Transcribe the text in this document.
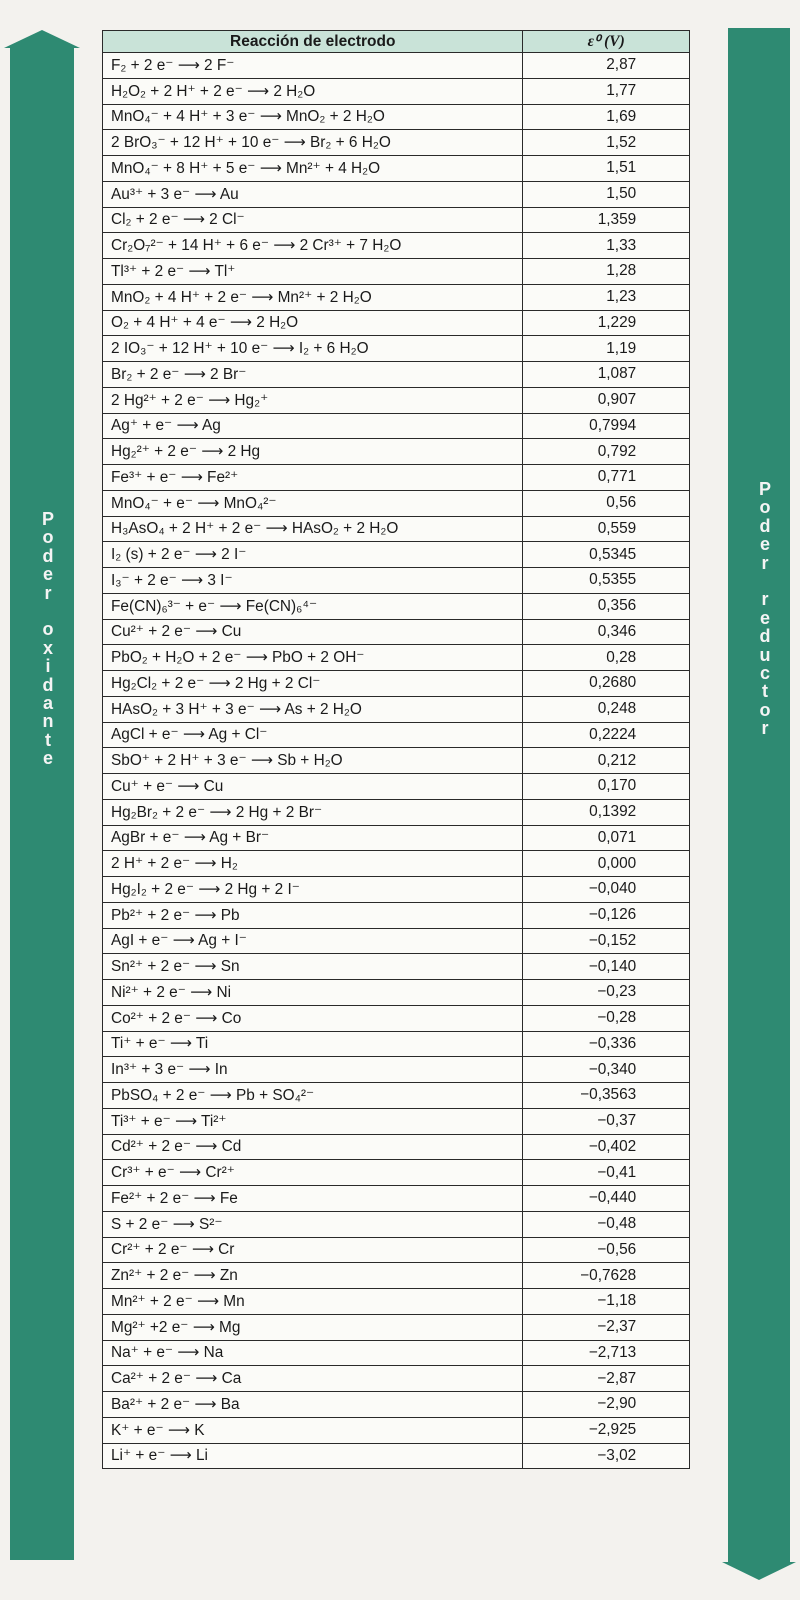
P
o
d
e
r

o
x
i
d
a
n
t
e
P
o
d
e
r

r
e
d
u
c
t
o
r
Reacción de electrodo	ε⁰ (V)
F₂ + 2 e⁻ ⟶ 2 F⁻	2,87
H₂O₂ + 2 H⁺ + 2 e⁻ ⟶ 2 H₂O	1,77
MnO₄⁻ + 4 H⁺ + 3 e⁻ ⟶ MnO₂ + 2 H₂O	1,69
2 BrO₃⁻ + 12 H⁺ + 10 e⁻ ⟶ Br₂ + 6 H₂O	1,52
MnO₄⁻ + 8 H⁺ + 5 e⁻ ⟶ Mn²⁺ + 4 H₂O	1,51
Au³⁺ + 3 e⁻ ⟶ Au	1,50
Cl₂ + 2 e⁻ ⟶ 2 Cl⁻	1,359
Cr₂O₇²⁻ + 14 H⁺ + 6 e⁻ ⟶ 2 Cr³⁺ + 7 H₂O	1,33
Tl³⁺ + 2 e⁻ ⟶ Tl⁺	1,28
MnO₂ + 4 H⁺ + 2 e⁻ ⟶ Mn²⁺ + 2 H₂O	1,23
O₂ + 4 H⁺ + 4 e⁻ ⟶ 2 H₂O	1,229
2 IO₃⁻ + 12 H⁺ + 10 e⁻ ⟶ I₂ + 6 H₂O	1,19
Br₂ + 2 e⁻ ⟶ 2 Br⁻	1,087
2 Hg²⁺ + 2 e⁻ ⟶ Hg₂⁺	0,907
Ag⁺ + e⁻ ⟶ Ag	0,7994
Hg₂²⁺ + 2 e⁻ ⟶ 2 Hg	0,792
Fe³⁺ + e⁻ ⟶ Fe²⁺	0,771
MnO₄⁻ + e⁻ ⟶ MnO₄²⁻	0,56
H₃AsO₄ + 2 H⁺ + 2 e⁻ ⟶ HAsO₂ + 2 H₂O	0,559
I₂ (s) + 2 e⁻ ⟶ 2 I⁻	0,5345
I₃⁻ + 2 e⁻ ⟶ 3 I⁻	0,5355
Fe(CN)₆³⁻ + e⁻ ⟶ Fe(CN)₆⁴⁻	0,356
Cu²⁺ + 2 e⁻ ⟶ Cu	0,346
PbO₂ + H₂O + 2 e⁻ ⟶ PbO + 2 OH⁻	0,28
Hg₂Cl₂ + 2 e⁻ ⟶ 2 Hg + 2 Cl⁻	0,2680
HAsO₂ + 3 H⁺ + 3 e⁻ ⟶ As + 2 H₂O	0,248
AgCl + e⁻ ⟶ Ag + Cl⁻	0,2224
SbO⁺ + 2 H⁺ + 3 e⁻ ⟶ Sb + H₂O	0,212
Cu⁺ + e⁻ ⟶ Cu	0,170
Hg₂Br₂ + 2 e⁻ ⟶ 2 Hg + 2 Br⁻	0,1392
AgBr + e⁻ ⟶ Ag + Br⁻	0,071
2 H⁺ + 2 e⁻ ⟶ H₂	0,000
Hg₂I₂ + 2 e⁻ ⟶ 2 Hg + 2 I⁻	−0,040
Pb²⁺ + 2 e⁻ ⟶ Pb	−0,126
AgI + e⁻ ⟶ Ag + I⁻	−0,152
Sn²⁺ + 2 e⁻ ⟶ Sn	−0,140
Ni²⁺ + 2 e⁻ ⟶ Ni	−0,23
Co²⁺ + 2 e⁻ ⟶ Co	−0,28
Ti⁺ + e⁻ ⟶ Ti	−0,336
In³⁺ + 3 e⁻ ⟶ In	−0,340
PbSO₄ + 2 e⁻ ⟶ Pb + SO₄²⁻	−0,3563
Ti³⁺ + e⁻ ⟶ Ti²⁺	−0,37
Cd²⁺ + 2 e⁻ ⟶ Cd	−0,402
Cr³⁺ + e⁻ ⟶ Cr²⁺	−0,41
Fe²⁺ + 2 e⁻ ⟶ Fe	−0,440
S + 2 e⁻ ⟶ S²⁻	−0,48
Cr²⁺ + 2 e⁻ ⟶ Cr	−0,56
Zn²⁺ + 2 e⁻ ⟶ Zn	−0,7628
Mn²⁺ + 2 e⁻ ⟶ Mn	−1,18
Mg²⁺ +2 e⁻ ⟶ Mg	−2,37
Na⁺ + e⁻ ⟶ Na	−2,713
Ca²⁺ + 2 e⁻ ⟶ Ca	−2,87
Ba²⁺ + 2 e⁻ ⟶ Ba	−2,90
K⁺ + e⁻ ⟶ K	−2,925
Li⁺ + e⁻ ⟶ Li	−3,02
